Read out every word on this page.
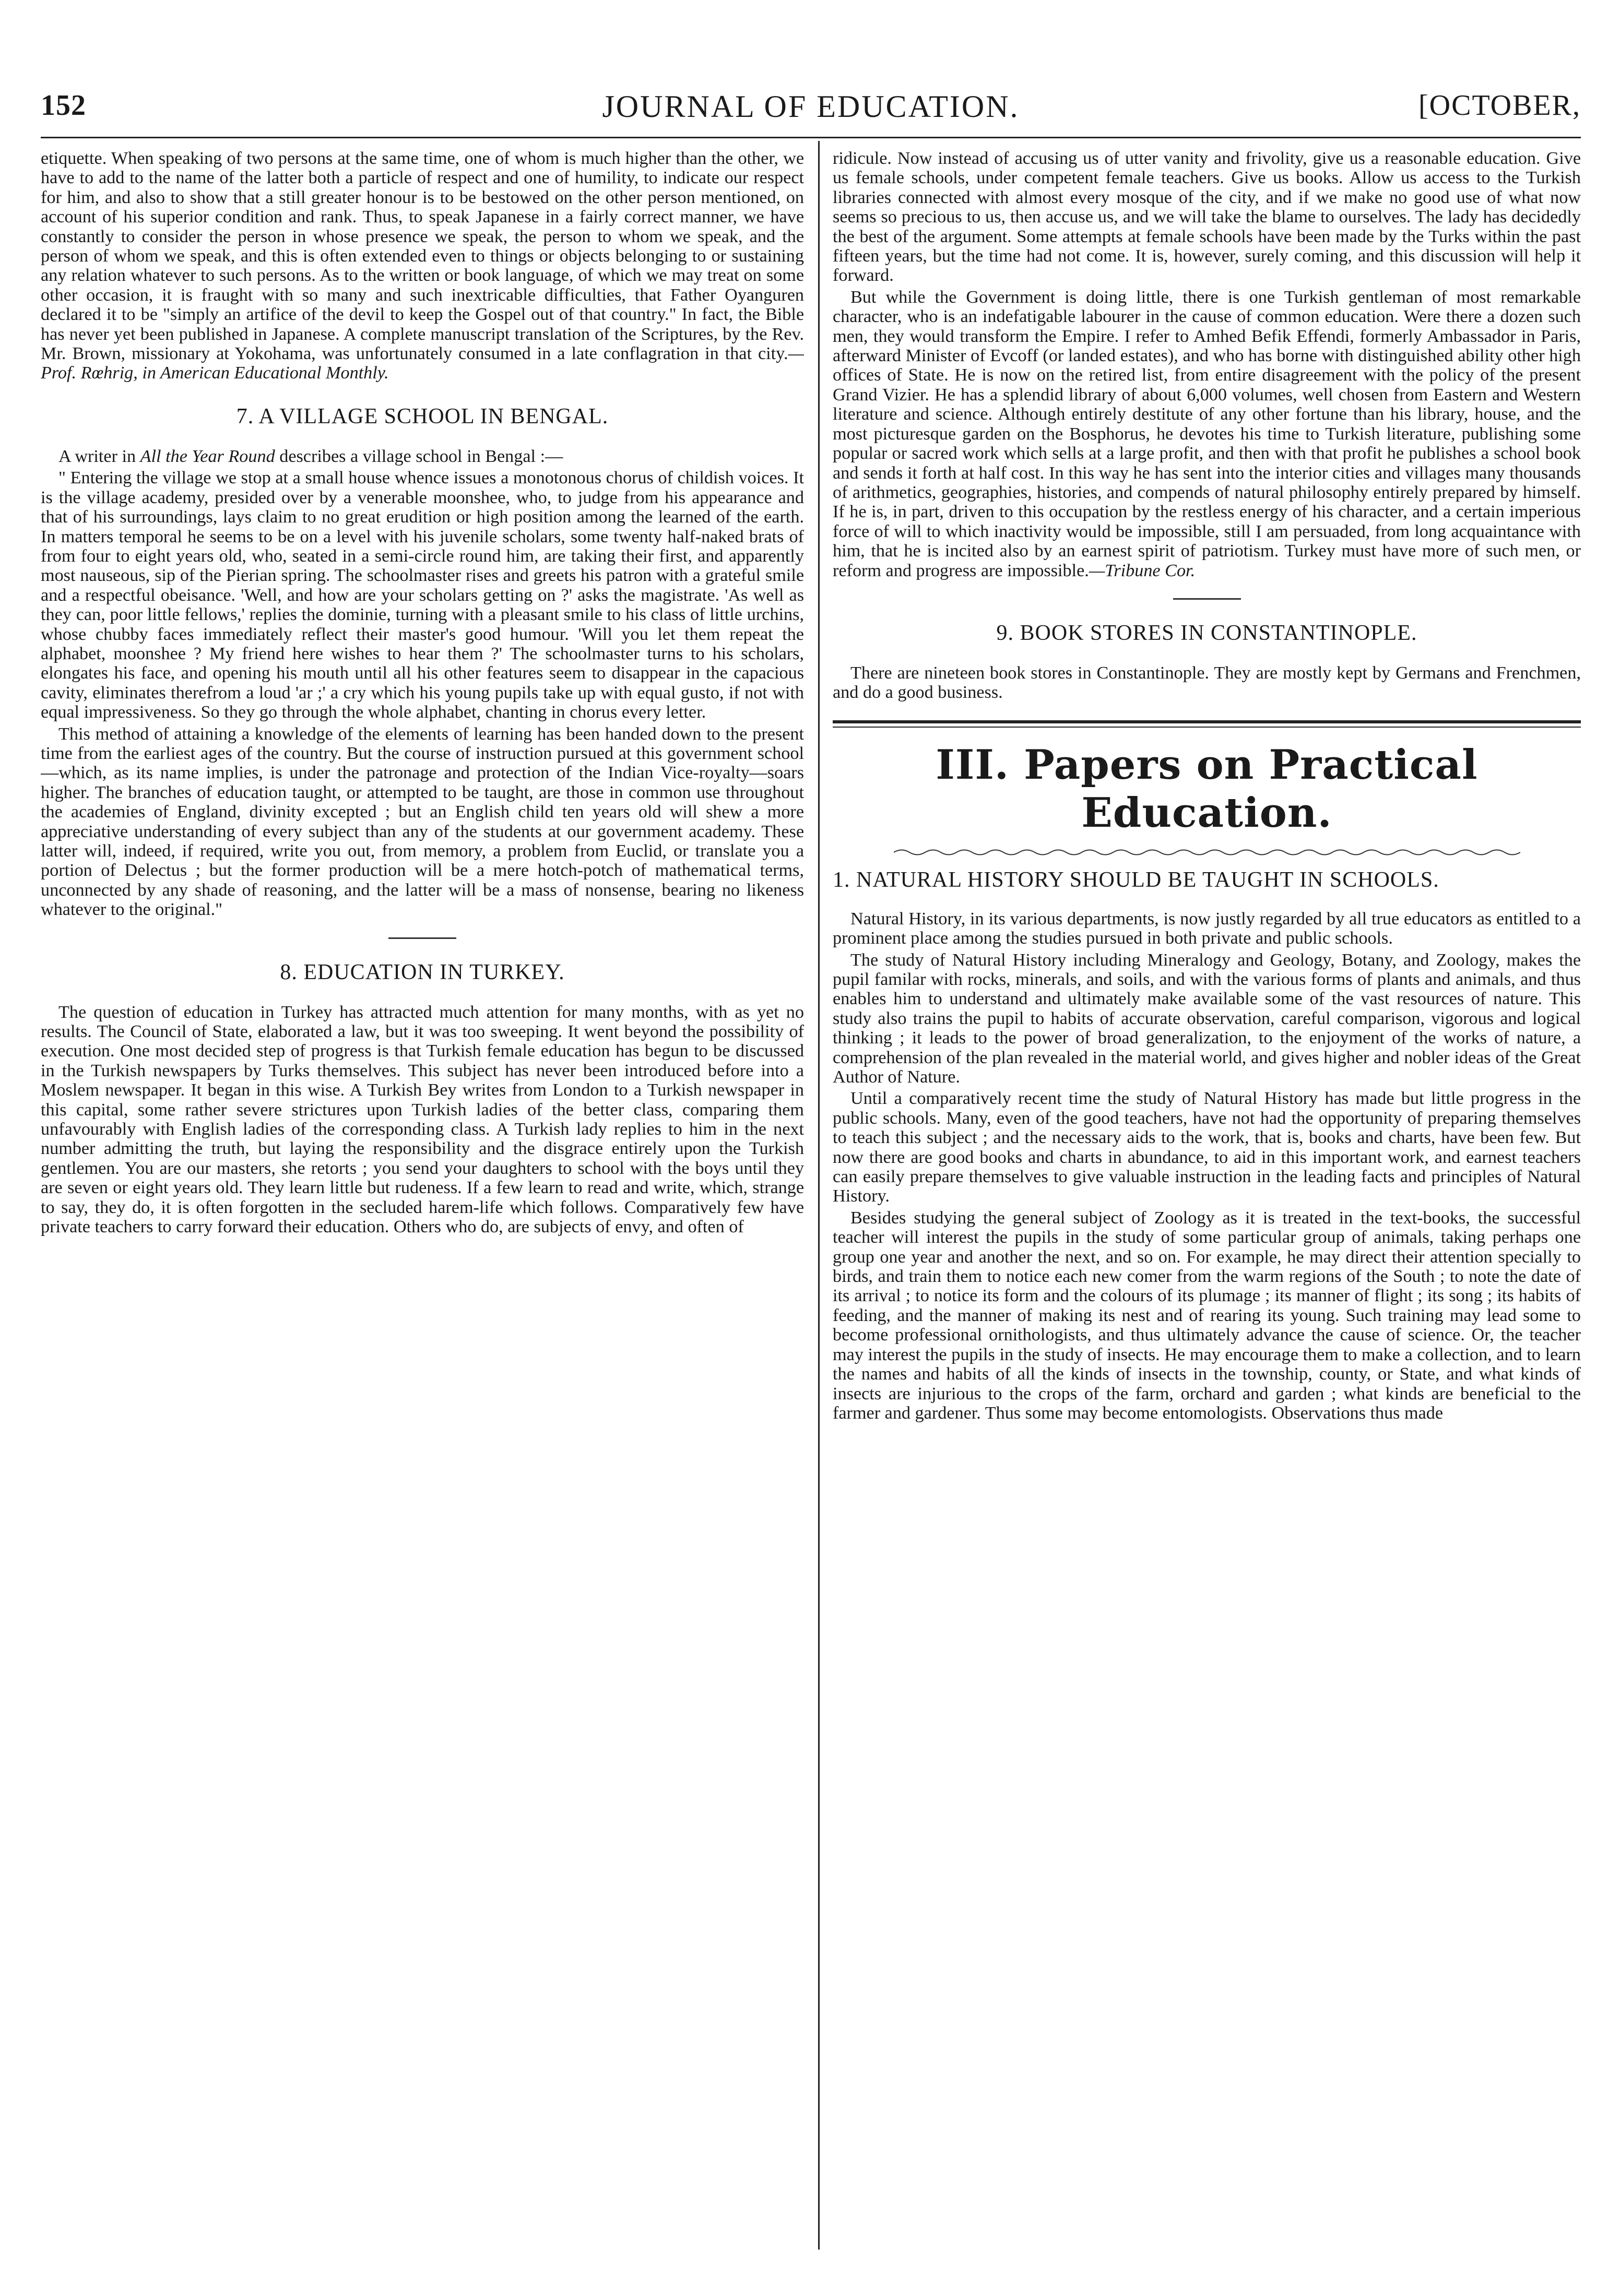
152	JOURNAL OF EDUCATION.	[OCTOBER,

etiquette. When speaking of two persons at the same time, one of whom is much higher than the other, we have to add to the name of the latter both a particle of respect and one of humility, to indicate our respect for him, and also to show that a still greater honour is to be bestowed on the other person mentioned, on account of his superior condition and rank. Thus, to speak Japanese in a fairly correct manner, we have constantly to consider the person in whose presence we speak, the person to whom we speak, and the person of whom we speak, and this is often extended even to things or objects belonging to or sustaining any relation whatever to such persons. As to the written or book language, of which we may treat on some other occasion, it is fraught with so many and such inextricable difficulties, that Father Oyanguren declared it to be "simply an artifice of the devil to keep the Gospel out of that country." In fact, the Bible has never yet been published in Japanese. A complete manuscript translation of the Scriptures, by the Rev. Mr. Brown, missionary at Yokohama, was unfortunately consumed in a late conflagration in that city.—Prof. Rœhrig, in American Educational Monthly.

7. A VILLAGE SCHOOL IN BENGAL.

A writer in All the Year Round describes a village school in Bengal :—

" Entering the village we stop at a small house whence issues a monotonous chorus of childish voices. It is the village academy, presided over by a venerable moonshee, who, to judge from his appearance and that of his surroundings, lays claim to no great erudition or high position among the learned of the earth. In matters temporal he seems to be on a level with his juvenile scholars, some twenty half-naked brats of from four to eight years old, who, seated in a semi-circle round him, are taking their first, and apparently most nauseous, sip of the Pierian spring. The schoolmaster rises and greets his patron with a grateful smile and a respectful obeisance. 'Well, and how are your scholars getting on ?' asks the magistrate. 'As well as they can, poor little fellows,' replies the dominie, turning with a pleasant smile to his class of little urchins, whose chubby faces immediately reflect their master's good humour. 'Will you let them repeat the alphabet, moonshee ? My friend here wishes to hear them ?' The schoolmaster turns to his scholars, elongates his face, and opening his mouth until all his other features seem to disappear in the capacious cavity, eliminates therefrom a loud 'ar ;' a cry which his young pupils take up with equal gusto, if not with equal impressiveness. So they go through the whole alphabet, chanting in chorus every letter.

This method of attaining a knowledge of the elements of learning has been handed down to the present time from the earliest ages of the country. But the course of instruction pursued at this government school—which, as its name implies, is under the patronage and protection of the Indian Vice-royalty—soars higher. The branches of education taught, or attempted to be taught, are those in common use throughout the academies of England, divinity excepted ; but an English child ten years old will shew a more appreciative understanding of every subject than any of the students at our government academy. These latter will, indeed, if required, write you out, from memory, a problem from Euclid, or translate you a portion of Delectus ; but the former production will be a mere hotch-potch of mathematical terms, unconnected by any shade of reasoning, and the latter will be a mass of nonsense, bearing no likeness whatever to the original."

8. EDUCATION IN TURKEY.

The question of education in Turkey has attracted much attention for many months, with as yet no results. The Council of State, elaborated a law, but it was too sweeping. It went beyond the possibility of execution. One most decided step of progress is that Turkish female education has begun to be discussed in the Turkish newspapers by Turks themselves. This subject has never been introduced before into a Moslem newspaper. It began in this wise. A Turkish Bey writes from London to a Turkish newspaper in this capital, some rather severe strictures upon Turkish ladies of the better class, comparing them unfavourably with English ladies of the corresponding class. A Turkish lady replies to him in the next number admitting the truth, but laying the responsibility and the disgrace entirely upon the Turkish gentlemen. You are our masters, she retorts ; you send your daughters to school with the boys until they are seven or eight years old. They learn little but rudeness. If a few learn to read and write, which, strange to say, they do, it is often forgotten in the secluded harem-life which follows. Comparatively few have private teachers to carry forward their education. Others who do, are subjects of envy, and often of

ridicule. Now instead of accusing us of utter vanity and frivolity, give us a reasonable education. Give us female schools, under competent female teachers. Give us books. Allow us access to the Turkish libraries connected with almost every mosque of the city, and if we make no good use of what now seems so precious to us, then accuse us, and we will take the blame to ourselves. The lady has decidedly the best of the argument. Some attempts at female schools have been made by the Turks within the past fifteen years, but the time had not come. It is, however, surely coming, and this discussion will help it forward.

But while the Government is doing little, there is one Turkish gentleman of most remarkable character, who is an indefatigable labourer in the cause of common education. Were there a dozen such men, they would transform the Empire. I refer to Amhed Befik Effendi, formerly Ambassador in Paris, afterward Minister of Evcoff (or landed estates), and who has borne with distinguished ability other high offices of State. He is now on the retired list, from entire disagreement with the policy of the present Grand Vizier. He has a splendid library of about 6,000 volumes, well chosen from Eastern and Western literature and science. Although entirely destitute of any other fortune than his library, house, and the most picturesque garden on the Bosphorus, he devotes his time to Turkish literature, publishing some popular or sacred work which sells at a large profit, and then with that profit he publishes a school book and sends it forth at half cost. In this way he has sent into the interior cities and villages many thousands of arithmetics, geographies, histories, and compends of natural philosophy entirely prepared by himself. If he is, in part, driven to this occupation by the restless energy of his character, and a certain imperious force of will to which inactivity would be impossible, still I am persuaded, from long acquaintance with him, that he is incited also by an earnest spirit of patriotism. Turkey must have more of such men, or reform and progress are impossible.—Tribune Cor.

9. BOOK STORES IN CONSTANTINOPLE.

There are nineteen book stores in Constantinople. They are mostly kept by Germans and Frenchmen, and do a good business.

III. Papers on Practical Education.
1. NATURAL HISTORY SHOULD BE TAUGHT IN SCHOOLS.

Natural History, in its various departments, is now justly regarded by all true educators as entitled to a prominent place among the studies pursued in both private and public schools.

The study of Natural History including Mineralogy and Geology, Botany, and Zoology, makes the pupil familar with rocks, minerals, and soils, and with the various forms of plants and animals, and thus enables him to understand and ultimately make available some of the vast resources of nature. This study also trains the pupil to habits of accurate observation, careful comparison, vigorous and logical thinking ; it leads to the power of broad generalization, to the enjoyment of the works of nature, a comprehension of the plan revealed in the material world, and gives higher and nobler ideas of the Great Author of Nature.

Until a comparatively recent time the study of Natural History has made but little progress in the public schools. Many, even of the good teachers, have not had the opportunity of preparing themselves to teach this subject ; and the necessary aids to the work, that is, books and charts, have been few. But now there are good books and charts in abundance, to aid in this important work, and earnest teachers can easily prepare themselves to give valuable instruction in the leading facts and principles of Natural History.

Besides studying the general subject of Zoology as it is treated in the text-books, the successful teacher will interest the pupils in the study of some particular group of animals, taking perhaps one group one year and another the next, and so on. For example, he may direct their attention specially to birds, and train them to notice each new comer from the warm regions of the South ; to note the date of its arrival ; to notice its form and the colours of its plumage ; its manner of flight ; its song ; its habits of feeding, and the manner of making its nest and of rearing its young. Such training may lead some to become professional ornithologists, and thus ultimately advance the cause of science. Or, the teacher may interest the pupils in the study of insects. He may encourage them to make a collection, and to learn the names and habits of all the kinds of insects in the township, county, or State, and what kinds of insects are injurious to the crops of the farm, orchard and garden ; what kinds are beneficial to the farmer and gardener. Thus some may become entomologists. Observations thus made
